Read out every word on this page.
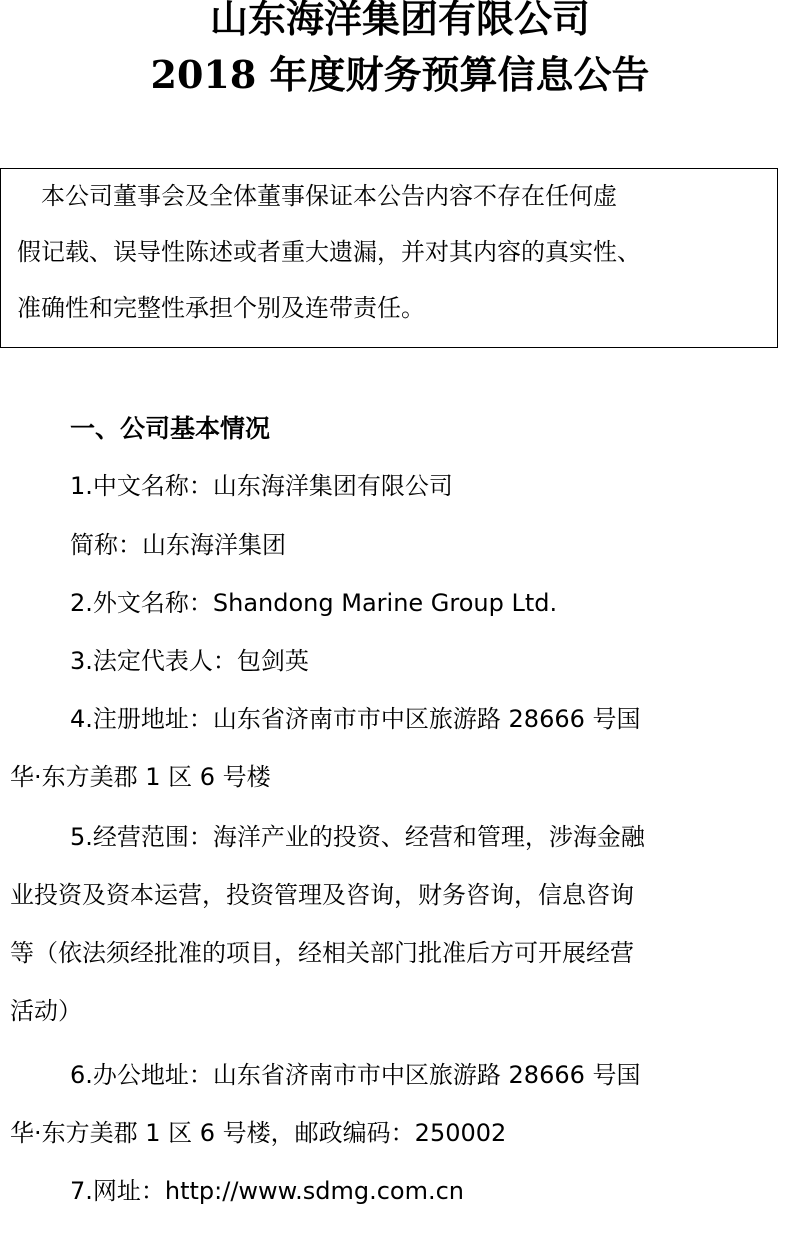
山东海洋集团有限公司
2018 年度财务预算信息公告
　本公司董事会及全体董事保证本公告内容不存在任何虚
假记载、误导性陈述或者重大遗漏，并对其内容的真实性、
准确性和完整性承担个别及连带责任。
一、公司基本情况
1.中文名称：山东海洋集团有限公司
简称：山东海洋集团
2.外文名称：Shandong Marine Group Ltd.
3.法定代表人：包剑英
4.注册地址：山东省济南市市中区旅游路 28666 号国
华·东方美郡 1 区 6 号楼
5.经营范围：海洋产业的投资、经营和管理，涉海金融
业投资及资本运营，投资管理及咨询，财务咨询，信息咨询
等（依法须经批准的项目，经相关部门批准后方可开展经营
活动）
6.办公地址：山东省济南市市中区旅游路 28666 号国
华·东方美郡 1 区 6 号楼，邮政编码：250002
7.网址：http://www.sdmg.com.cn
